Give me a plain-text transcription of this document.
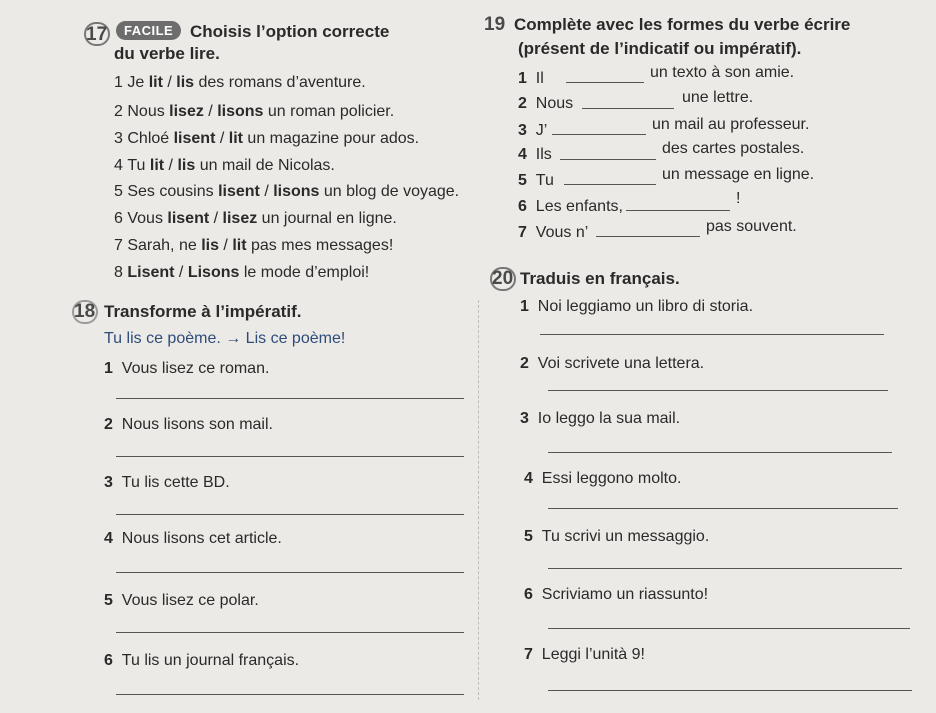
17	FACILE Choisis l’option correcte
du verbe lire.
1 Je lit / lis des romans d’aventure.
2 Nous lisez / lisons un roman policier.
3 Chloé lisent / lit un magazine pour ados.
4 Tu lit / lis un mail de Nicolas.
5 Ses cousins lisent / lisons un blog de voyage.
6 Vous lisent / lisez un journal en ligne.
7 Sarah, ne lis / lit pas mes messages!
8 Lisent / Lisons le mode d’emploi!
19 Complète avec les formes du verbe écrire
(présent de l’indicatif ou impératif).
1 Il	un texto à son amie.
2 Nous	une lettre.
3 J’	un mail au professeur.
4 Ils	des cartes postales.
5 Tu	un message en ligne.
6 Les enfants,	!
7 Vous n’	pas souvent.
20 Traduis en français.
18 Transforme à l’impératif.
Tu lis ce poème. → Lis ce poème!
1 Vous lisez ce roman.
2 Nous lisons son mail.
3 Tu lis cette BD.
4 Nous lisons cet article.
5 Vous lisez ce polar.
6 Tu lis un journal français.
1 Noi leggiamo un libro di storia.
2 Voi scrivete una lettera.
3 Io leggo la sua mail.
4 Essi leggono molto.
5 Tu scrivi un messaggio.
6 Scriviamo un riassunto!
7 Leggi l’unità 9!
